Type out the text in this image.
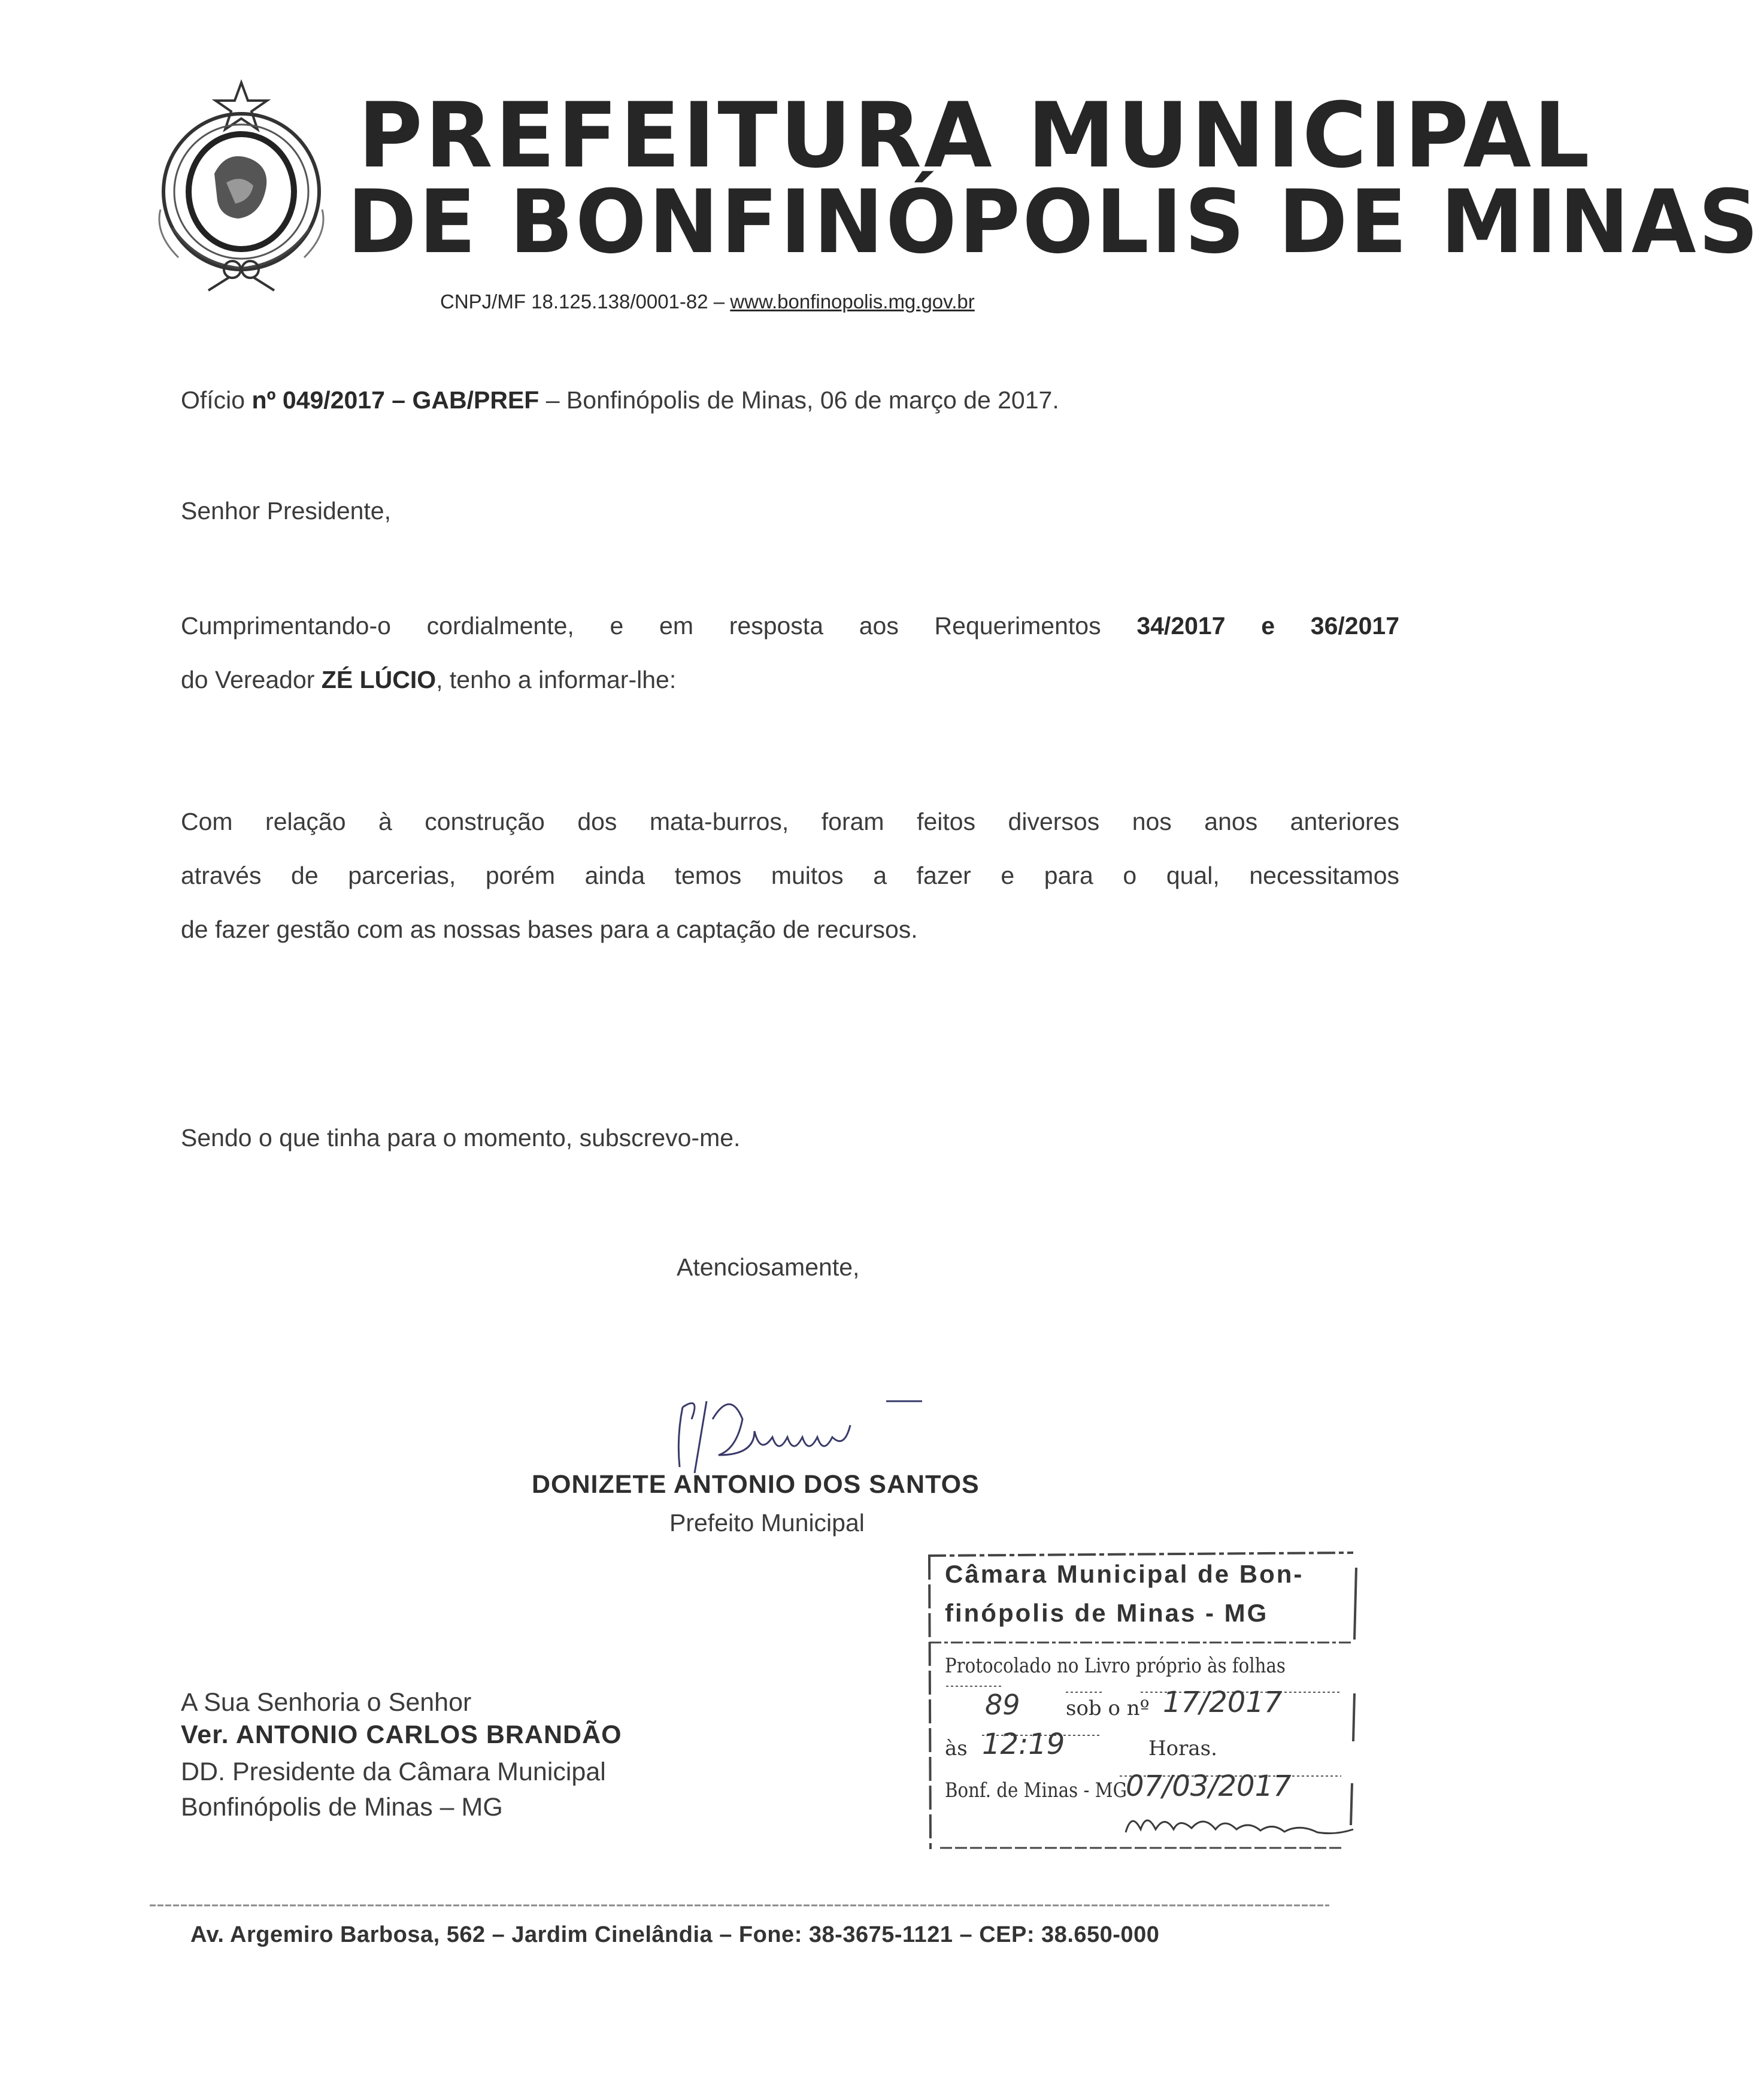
PREFEITURA MUNICIPAL
DE BONFINÓPOLIS DE MINAS
CNPJ/MF 18.125.138/0001-82 – www.bonfinopolis.mg.gov.br
Ofício nº 049/2017 – GAB/PREF – Bonfinópolis de Minas, 06 de março de 2017.
Senhor Presidente,
Cumprimentando-o cordialmente, e em resposta aos Requerimentos 34/2017 e 36/2017
do Vereador ZÉ LÚCIO, tenho a informar-lhe:
Com relação à construção dos mata-burros, foram feitos diversos nos anos anteriores
através de parcerias, porém ainda temos muitos a fazer e para o qual, necessitamos
de fazer gestão com as nossas bases para a captação de recursos.
Sendo o que tinha para o momento, subscrevo-me.
Atenciosamente,
DONIZETE ANTONIO DOS SANTOS
Prefeito Municipal
A Sua Senhoria o Senhor
Ver. ANTONIO CARLOS BRANDÃO
DD. Presidente da Câmara Municipal
Bonfinópolis de Minas – MG
Câmara Municipal de Bon-
finópolis de Minas - MG
Protocolado no Livro próprio às folhas
89 sob o nº 17/2017
às 12:19	Horas.
Bonf. de Minas - MG
07/03/2017
Av. Argemiro Barbosa, 562 – Jardim Cinelândia – Fone: 38-3675-1121 – CEP: 38.650-000
